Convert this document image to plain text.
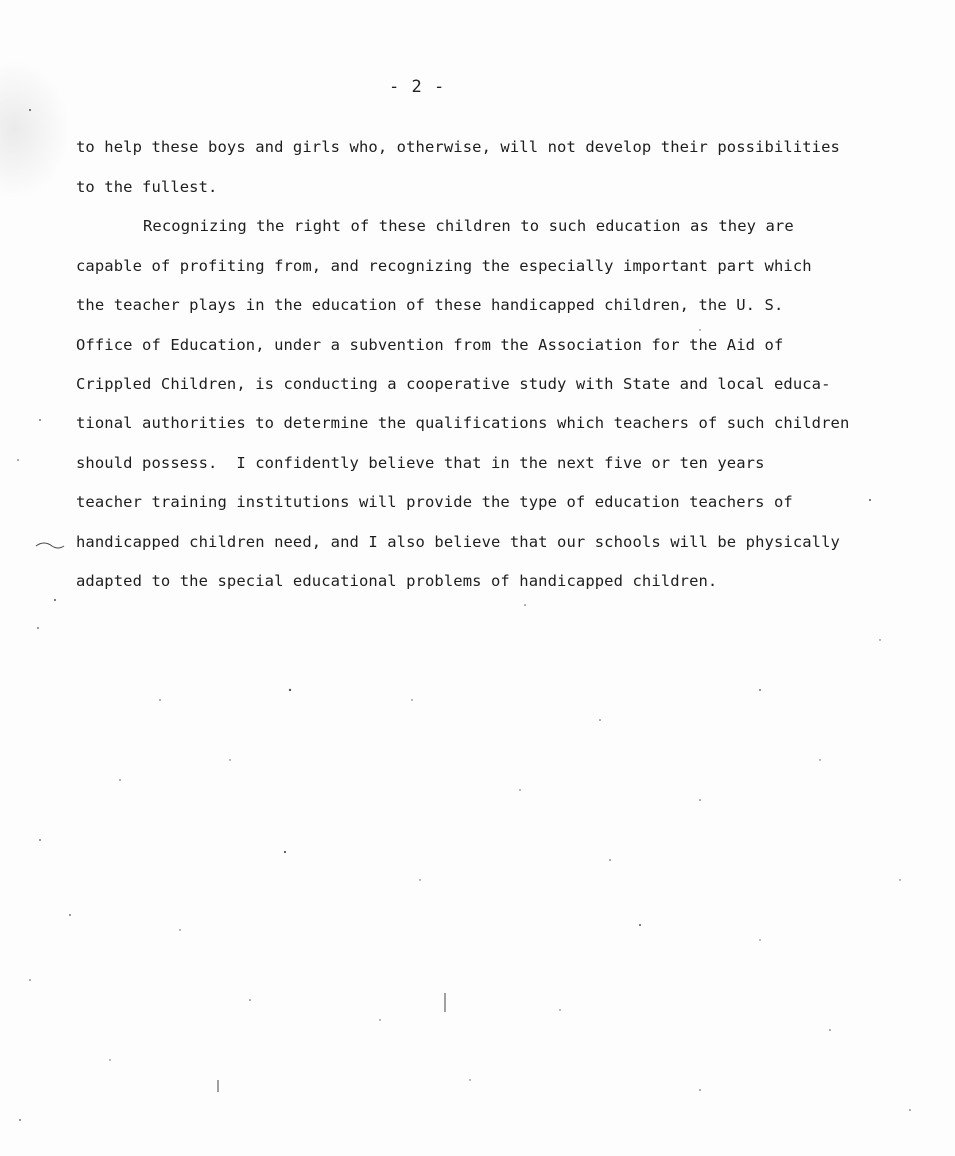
- 2 -
to help these boys and girls who, otherwise, will not develop their possibilities
to the fullest.
Recognizing the right of these children to such education as they are
capable of profiting from, and recognizing the especially important part which
the teacher plays in the education of these handicapped children, the U. S.
Office of Education, under a subvention from the Association for the Aid of
Crippled Children, is conducting a cooperative study with State and local educa-
tional authorities to determine the qualifications which teachers of such children
should possess.  I confidently believe that in the next five or ten years
teacher training institutions will provide the type of education teachers of
handicapped children need, and I also believe that our schools will be physically
adapted to the special educational problems of handicapped children.
